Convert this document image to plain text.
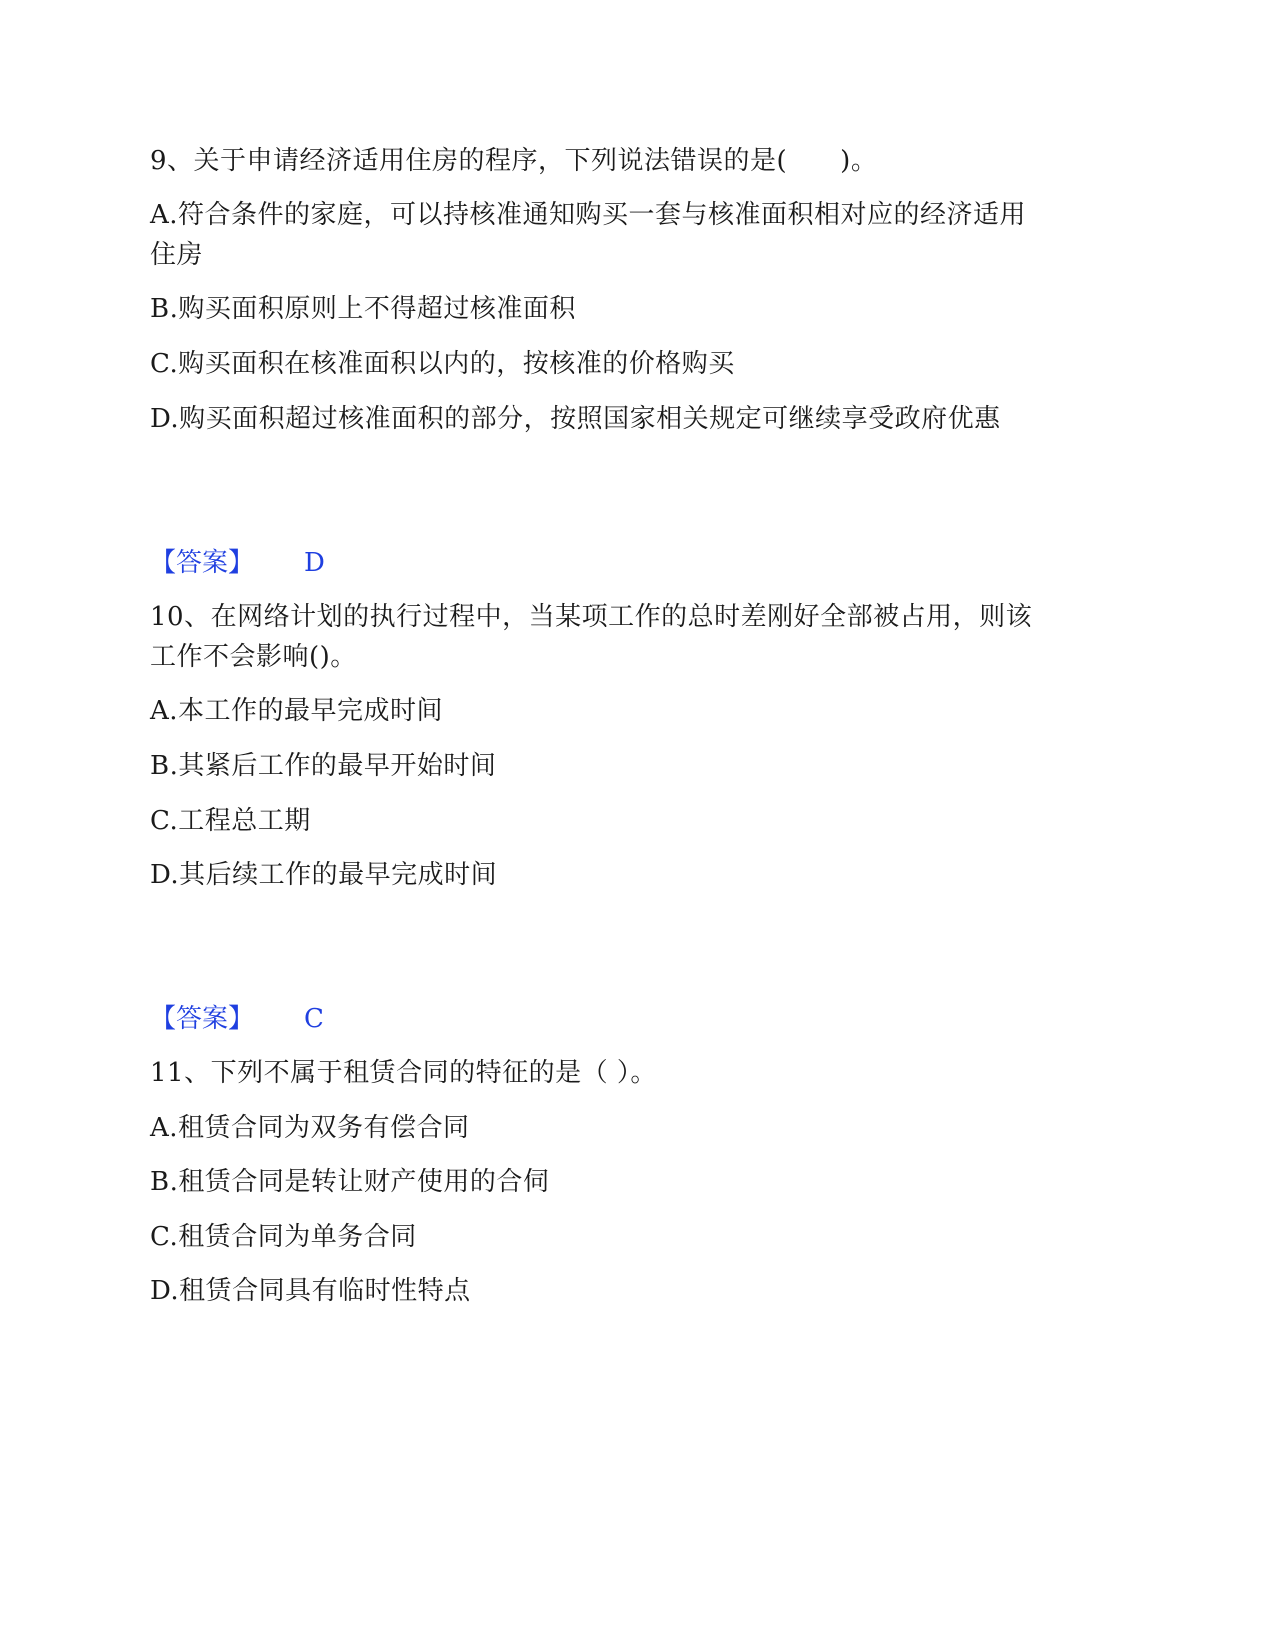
9、关于申请经济适用住房的程序，下列说法错误的是(　　)。
A.符合条件的家庭，可以持核准通知购买一套与核准面积相对应的经济适用
住房
B.购买面积原则上不得超过核准面积
C.购买面积在核准面积以内的，按核准的价格购买
D.购买面积超过核准面积的部分，按照国家相关规定可继续享受政府优惠
【答案】 D
10、在网络计划的执行过程中，当某项工作的总时差刚好全部被占用，则该
工作不会影响()。
A.本工作的最早完成时间
B.其紧后工作的最早开始时间
C.工程总工期
D.其后续工作的最早完成时间
【答案】 C
11、下列不属于租赁合同的特征的是（ ）。
A.租赁合同为双务有偿合同
B.租赁合同是转让财产使用的合伺
C.租赁合同为单务合同
D.租赁合同具有临时性特点
